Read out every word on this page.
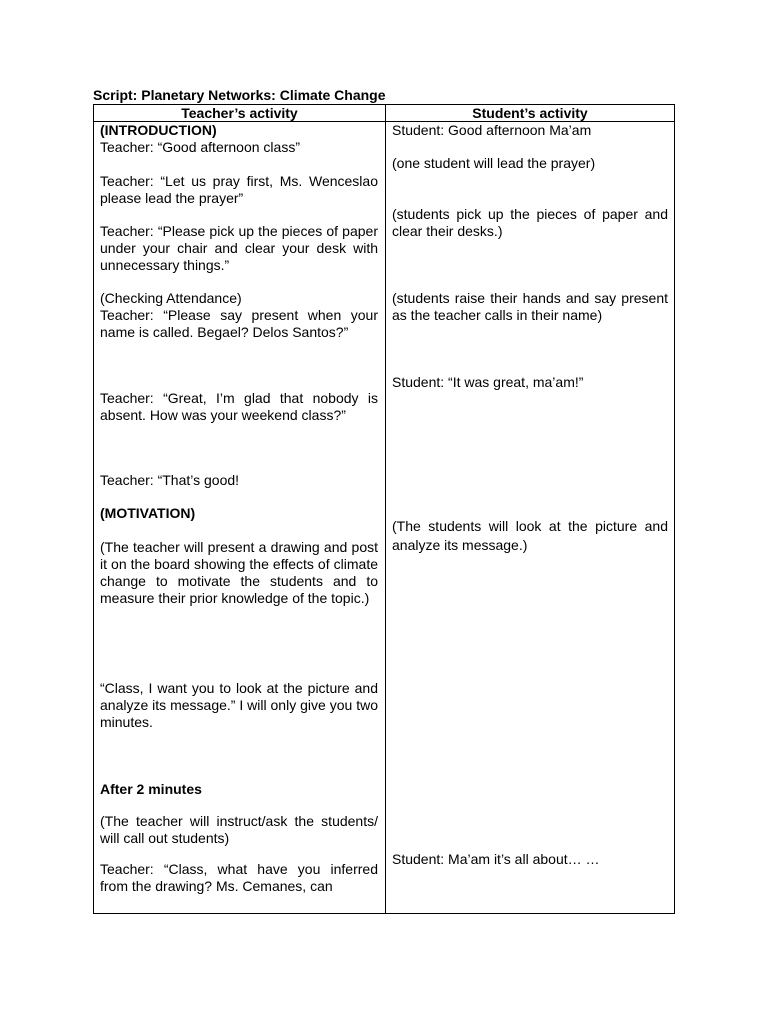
Script: Planetary Networks: Climate Change
Teacher’s activity	Student’s activity
(INTRODUCTION)
Teacher: “Good afternoon class”
Teacher: “Let us pray first, Ms. Wenceslao please lead the prayer”
Teacher: “Please pick up the pieces of paper under your chair and clear your desk with unnecessary things.”
(Checking Attendance)
Teacher: “Please say present when your name is called. Begael? Delos Santos?”
Teacher: “Great, I’m glad that nobody is absent. How was your weekend class?”
Teacher: “That’s good!
(MOTIVATION)
(The teacher will present a drawing and post it on the board showing the effects of climate change to motivate the students and to measure their prior knowledge of the topic.)
“Class, I want you to look at the picture and analyze its message.” I will only give you two minutes.
After 2 minutes
(The teacher will instruct/ask the students/ will call out students)
Teacher: “Class, what have you inferred from the drawing? Ms. Cemanes, can
Student: Good afternoon Ma’am
(one student will lead the prayer)
(students pick up the pieces of paper and clear their desks.)
(students raise their hands and say present as the teacher calls in their name)
Student: “It was great, ma’am!”
(The students will look at the picture and analyze its message.)
Student: Ma’am it’s all about… …
